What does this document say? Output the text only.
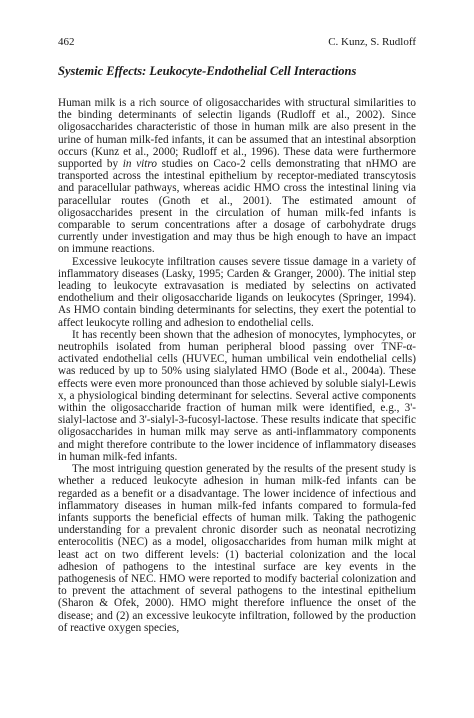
462	C. Kunz, S. Rudloff
Systemic Effects: Leukocyte-Endothelial Cell Interactions

Human milk is a rich source of oligosaccharides with structural similarities to the binding determinants of selectin ligands (Rudloff et al., 2002). Since oligosaccharides characteristic of those in human milk are also present in the urine of human milk-fed infants, it can be assumed that an intestinal absorption occurs (Kunz et al., 2000; Rudloff et al., 1996). These data were furthermore supported by in vitro studies on Caco-2 cells demonstrating that nHMO are transported across the intestinal epithelium by receptor-mediated transcytosis and paracellular pathways, whereas acidic HMO cross the intestinal lining via paracellular routes (Gnoth et al., 2001). The estimated amount of oligosaccharides present in the circulation of human milk-fed infants is comparable to serum concentrations after a dosage of carbohydrate drugs currently under investigation and may thus be high enough to have an impact on immune reactions.

Excessive leukocyte infiltration causes severe tissue damage in a variety of inflammatory diseases (Lasky, 1995; Carden & Granger, 2000). The initial step leading to leukocyte extravasation is mediated by selectins on activated endothelium and their oligosaccharide ligands on leukocytes (Springer, 1994). As HMO contain binding determinants for selectins, they exert the potential to affect leukocyte rolling and adhesion to endothelial cells.

It has recently been shown that the adhesion of monocytes, lymphocytes, or neutrophils isolated from human peripheral blood passing over TNF-α-activated endothelial cells (HUVEC, human umbilical vein endothelial cells) was reduced by up to 50% using sialylated HMO (Bode et al., 2004a). These effects were even more pronounced than those achieved by soluble sialyl-Lewis x, a physiological binding determinant for selectins. Several active components within the oligosaccharide fraction of human milk were identified, e.g., 3'-sialyl-lactose and 3'-sialyl-3-fucosyl-lactose. These results indicate that specific oligosaccharides in human milk may serve as anti-inflammatory components and might therefore contribute to the lower incidence of inflammatory diseases in human milk-fed infants.

The most intriguing question generated by the results of the present study is whether a reduced leukocyte adhesion in human milk-fed infants can be regarded as a benefit or a disadvantage. The lower incidence of infectious and inflammatory diseases in human milk-fed infants compared to formula-fed infants supports the beneficial effects of human milk. Taking the pathogenic understanding for a prevalent chronic disorder such as neonatal necrotizing enterocolitis (NEC) as a model, oligosaccharides from human milk might at least act on two different levels: (1) bacterial colonization and the local adhesion of pathogens to the intestinal surface are key events in the pathogenesis of NEC. HMO were reported to modify bacterial colonization and to prevent the attachment of several pathogens to the intestinal epithelium (Sharon & Ofek, 2000). HMO might therefore influence the onset of the disease; and (2) an excessive leukocyte infiltration, followed by the production of reactive oxygen species,
